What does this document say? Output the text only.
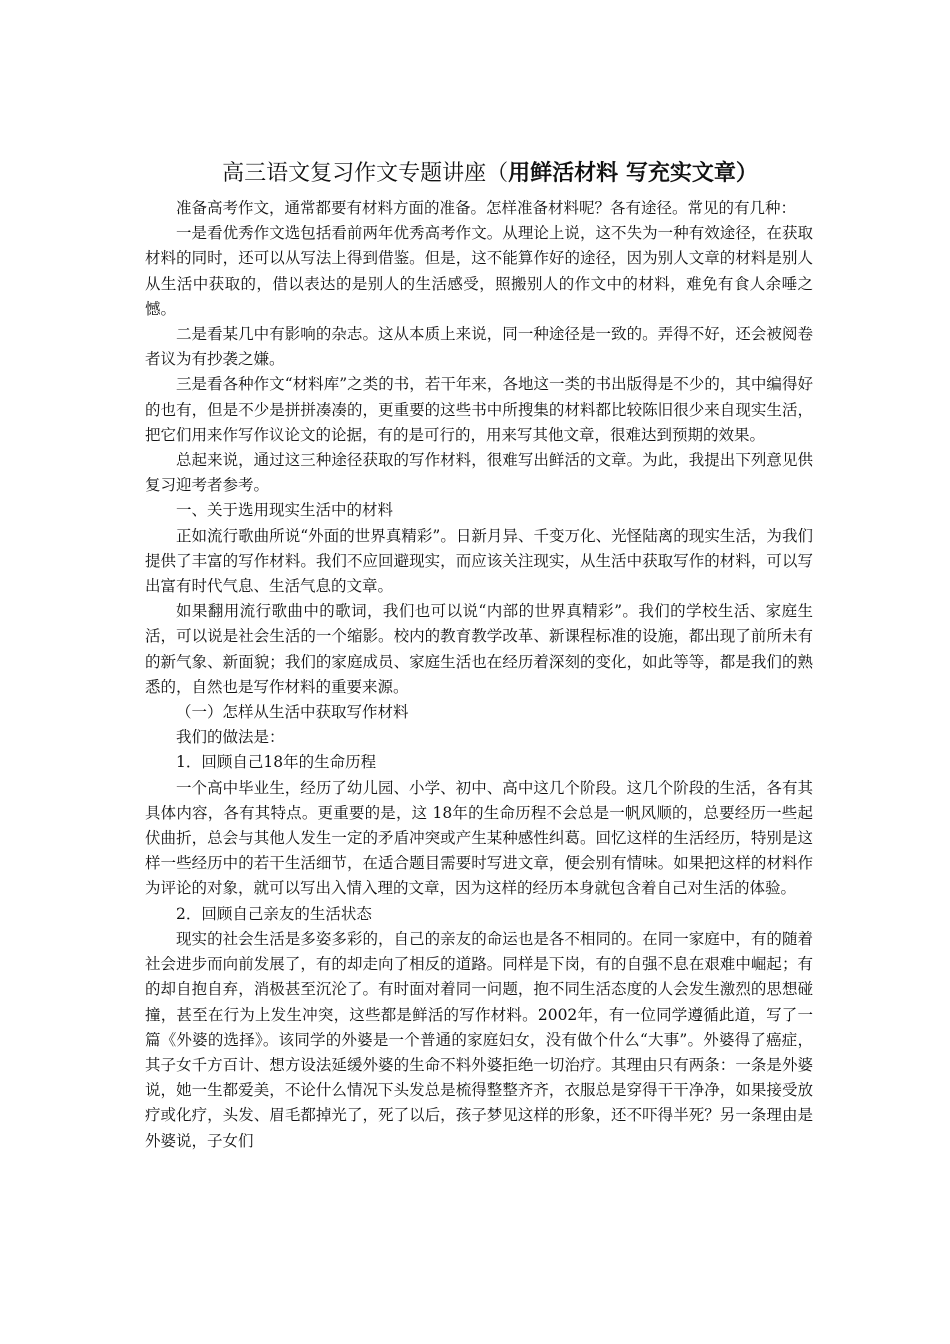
高三语文复习作文专题讲座（用鲜活材料 写充实文章）

准备高考作文，通常都要有材料方面的准备。怎样准备材料呢？各有途径。常见的有几种：

一是看优秀作文选包括看前两年优秀高考作文。从理论上说，这不失为一种有效途径，在获取材料的同时，还可以从写法上得到借鉴。但是，这不能算作好的途径，因为别人文章的材料是别人从生活中获取的，借以表达的是别人的生活感受，照搬别人的作文中的材料，难免有食人余唾之憾。

二是看某几中有影响的杂志。这从本质上来说，同一种途径是一致的。弄得不好，还会被阅卷者议为有抄袭之嫌。

三是看各种作文“材料库”之类的书，若干年来，各地这一类的书出版得是不少的，其中编得好的也有，但是不少是拼拼凑凑的，更重要的这些书中所搜集的材料都比较陈旧很少来自现实生活，把它们用来作写作议论文的论据，有的是可行的，用来写其他文章，很难达到预期的效果。

总起来说，通过这三种途径获取的写作材料，很难写出鲜活的文章。为此，我提出下列意见供复习迎考者参考。

一、关于选用现实生活中的材料

正如流行歌曲所说“外面的世界真精彩”。日新月异、千变万化、光怪陆离的现实生活，为我们提供了丰富的写作材料。我们不应回避现实，而应该关注现实，从生活中获取写作的材料，可以写出富有时代气息、生活气息的文章。

如果翻用流行歌曲中的歌词，我们也可以说“内部的世界真精彩”。我们的学校生活、家庭生活，可以说是社会生活的一个缩影。校内的教育教学改革、新课程标准的设施，都出现了前所未有的新气象、新面貌；我们的家庭成员、家庭生活也在经历着深刻的变化，如此等等，都是我们的熟悉的，自然也是写作材料的重要来源。

（一）怎样从生活中获取写作材料

我们的做法是：

1．回顾自己18年的生命历程

一个高中毕业生，经历了幼儿园、小学、初中、高中这几个阶段。这几个阶段的生活，各有其具体内容，各有其特点。更重要的是，这 18年的生命历程不会总是一帆风顺的，总要经历一些起伏曲折，总会与其他人发生一定的矛盾冲突或产生某种感性纠葛。回忆这样的生活经历，特别是这样一些经历中的若干生活细节，在适合题目需要时写进文章，便会别有情味。如果把这样的材料作为评论的对象，就可以写出入情入理的文章，因为这样的经历本身就包含着自己对生活的体验。

2．回顾自己亲友的生活状态

现实的社会生活是多姿多彩的，自己的亲友的命运也是各不相同的。在同一家庭中，有的随着社会进步而向前发展了，有的却走向了相反的道路。同样是下岗，有的自强不息在艰难中崛起；有的却自抱自弃，消极甚至沉沦了。有时面对着同一问题，抱不同生活态度的人会发生激烈的思想碰撞，甚至在行为上发生冲突，这些都是鲜活的写作材料。2002年，有一位同学遵循此道，写了一篇《外婆的选择》。该同学的外婆是一个普通的家庭妇女，没有做个什么“大事”。外婆得了癌症，其子女千方百计、想方设法延缓外婆的生命不料外婆拒绝一切治疗。其理由只有两条：一条是外婆说，她一生都爱美，不论什么情况下头发总是梳得整整齐齐，衣服总是穿得干干净净，如果接受放疗或化疗，头发、眉毛都掉光了，死了以后，孩子梦见这样的形象，还不吓得半死？另一条理由是外婆说，子女们
